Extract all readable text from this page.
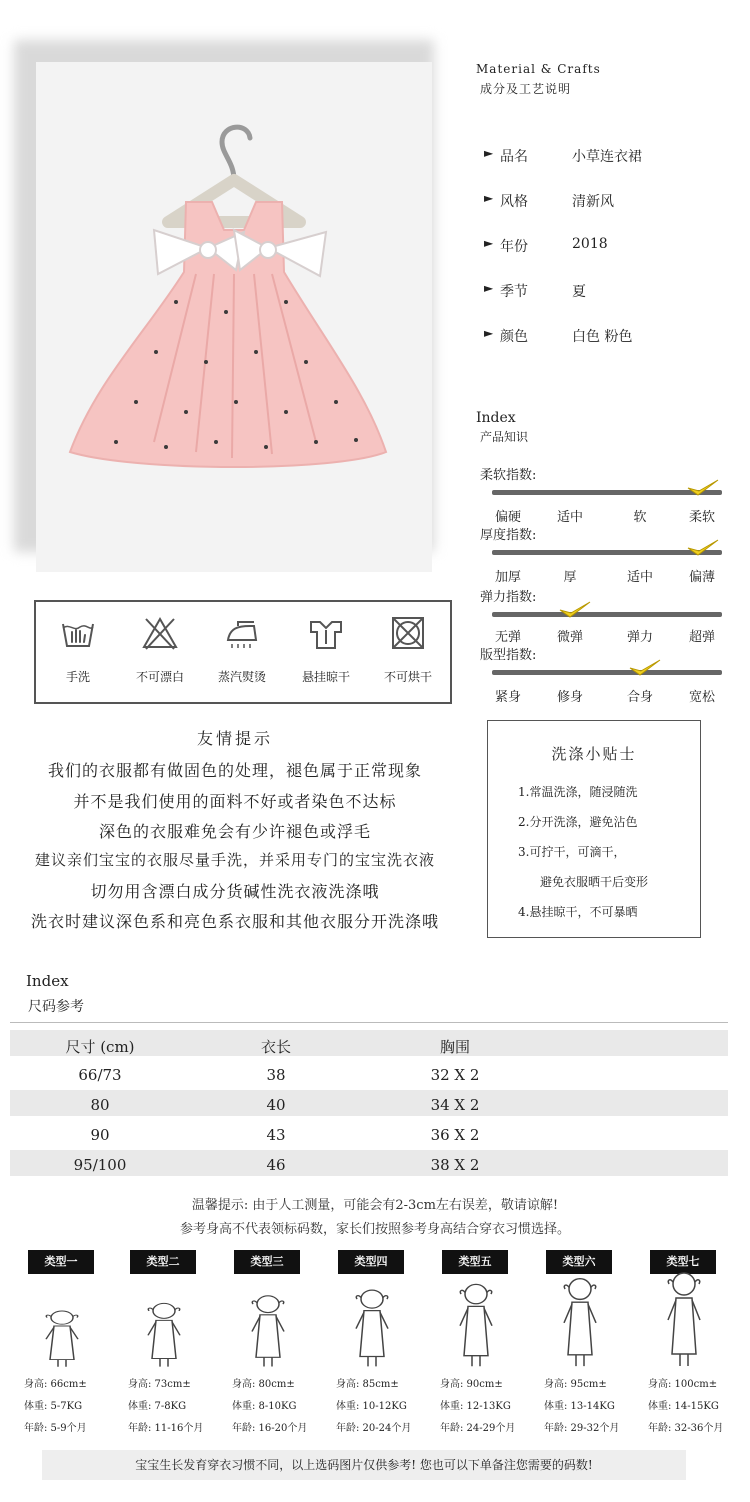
Material & Crafts
成分及工艺说明
► 品名	小草连衣裙
► 风格	清新风
► 年份	2018
► 季节	夏
► 颜色	白色 粉色
Index
产品知识
柔软指数:
偏硬	适中	软	柔软
厚度指数:
加厚	厚	适中	偏薄
弹力指数:
无弹	微弹	弹力	超弹
版型指数:
紧身	修身	合身	宽松
手洗	不可漂白	蒸汽熨烫	悬挂晾干	不可烘干
友情提示
我们的衣服都有做固色的处理，褪色属于正常现象
并不是我们使用的面料不好或者染色不达标
深色的衣服难免会有少许褪色或浮毛
建议亲们宝宝的衣服尽量手洗，并采用专门的宝宝洗衣液
切勿用含漂白成分货碱性洗衣液洗涤哦
洗衣时建议深色系和亮色系衣服和其他衣服分开洗涤哦
洗涤小贴士
1.常温洗涤，随浸随洗
2.分开洗涤，避免沾色
3.可拧干，可滴干，
避免衣服晒干后变形
4.悬挂晾干，不可暴晒
Index
尺码参考
尺寸 (cm)	衣长	胸围
66/73	38	32 X 2
80	40	34 X 2
90	43	36 X 2
95/100	46	38 X 2
温馨提示: 由于人工测量，可能会有2-3cm左右误差，敬请谅解!
参考身高不代表领标码数，家长们按照参考身高结合穿衣习惯选择。
类型一
身高: 66cm±
体重: 5-7KG
年龄: 5-9个月
类型二
身高: 73cm±
体重: 7-8KG
年龄: 11-16个月
类型三
身高: 80cm±
体重: 8-10KG
年龄: 16-20个月
类型四
身高: 85cm±
体重: 10-12KG
年龄: 20-24个月
类型五
身高: 90cm±
体重: 12-13KG
年龄: 24-29个月
类型六
身高: 95cm±
体重: 13-14KG
年龄: 29-32个月
类型七
身高: 100cm±
体重: 14-15KG
年龄: 32-36个月
宝宝生长发育穿衣习惯不同，以上选码图片仅供参考! 您也可以下单备注您需要的码数!
